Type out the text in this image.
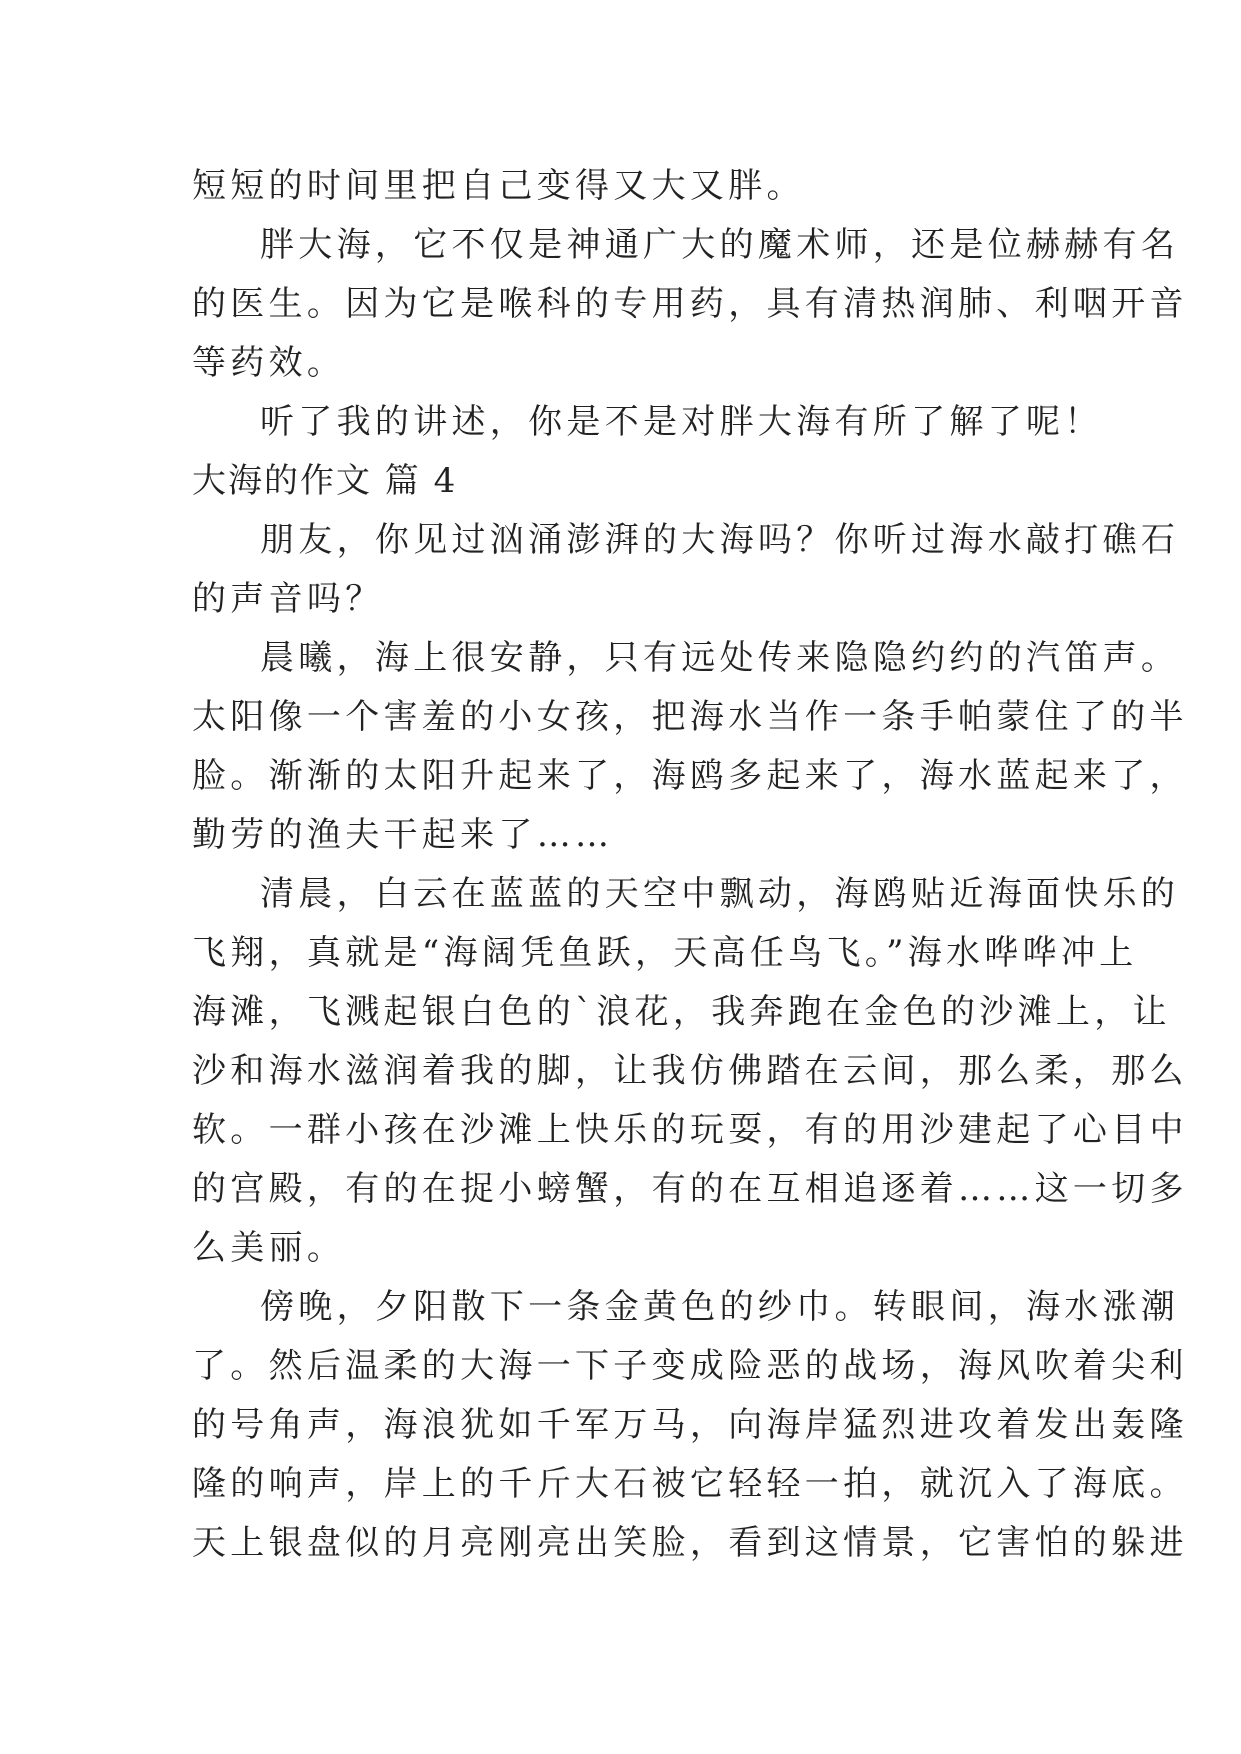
短短的时间里把自己变得又大又胖。
胖大海，它不仅是神通广大的魔术师，还是位赫赫有名
的医生。因为它是喉科的专用药，具有清热润肺、利咽开音
等药效。
听了我的讲述，你是不是对胖大海有所了解了呢！
大海的作文 篇 4
朋友，你见过汹涌澎湃的大海吗？你听过海水敲打礁石
的声音吗？
晨曦，海上很安静，只有远处传来隐隐约约的汽笛声。
太阳像一个害羞的小女孩，把海水当作一条手帕蒙住了的半
脸。渐渐的太阳升起来了，海鸥多起来了，海水蓝起来了，
勤劳的渔夫干起来了……
清晨，白云在蓝蓝的天空中飘动，海鸥贴近海面快乐的
飞翔，真就是“海阔凭鱼跃，天高任鸟飞。”海水哗哗冲上
海滩，飞溅起银白色的`浪花，我奔跑在金色的沙滩上，让
沙和海水滋润着我的脚，让我仿佛踏在云间，那么柔，那么
软。一群小孩在沙滩上快乐的玩耍，有的用沙建起了心目中
的宫殿，有的在捉小螃蟹，有的在互相追逐着……这一切多
么美丽。
傍晚，夕阳散下一条金黄色的纱巾。转眼间，海水涨潮
了。然后温柔的大海一下子变成险恶的战场，海风吹着尖利
的号角声，海浪犹如千军万马，向海岸猛烈进攻着发出轰隆
隆的响声，岸上的千斤大石被它轻轻一拍，就沉入了海底。
天上银盘似的月亮刚亮出笑脸，看到这情景，它害怕的躲进
